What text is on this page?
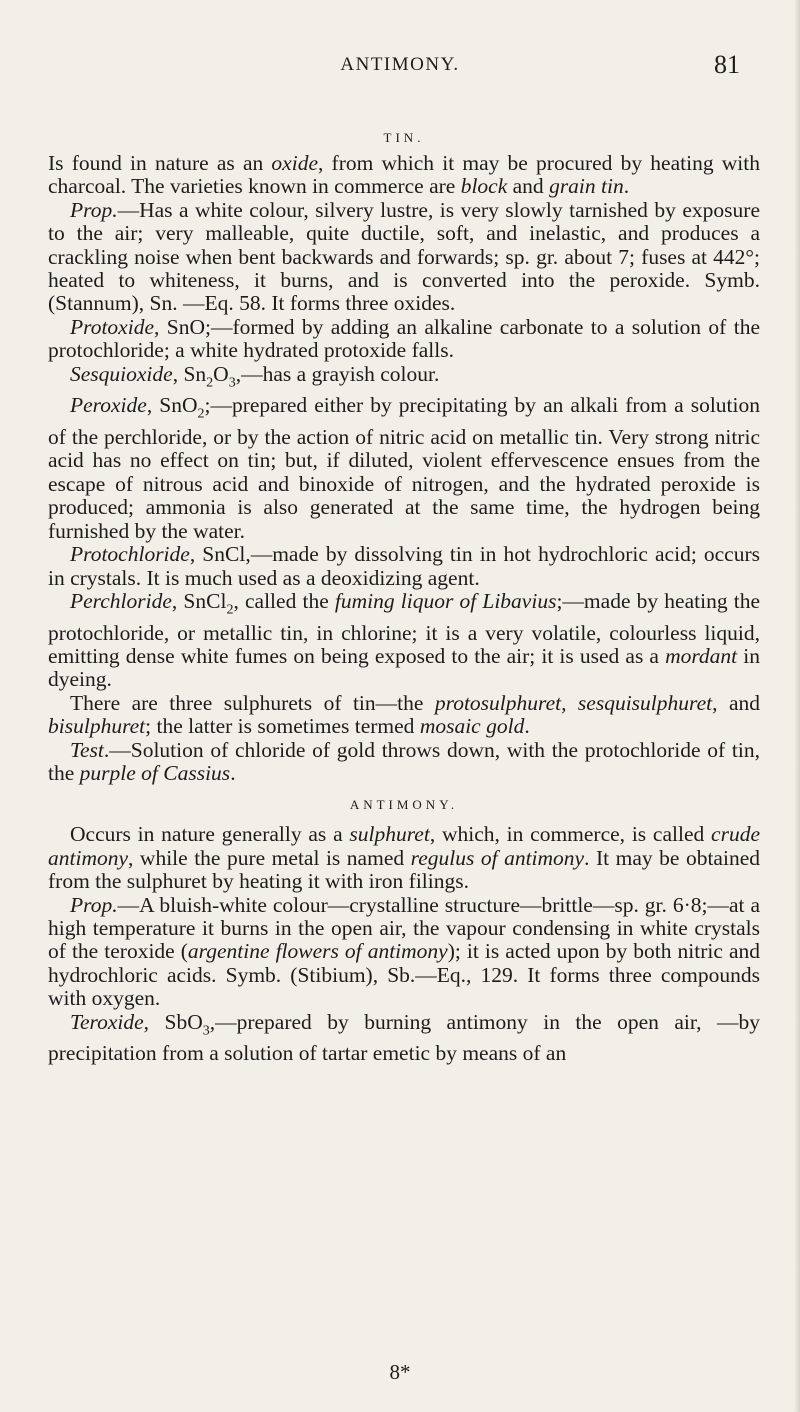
ANTIMONY.	81
TIN.

Is found in nature as an oxide, from which it may be procured by heating with charcoal. The varieties known in commerce are block and grain tin.

Prop.—Has a white colour, silvery lustre, is very slowly tarnished by exposure to the air; very malleable, quite ductile, soft, and inelastic, and produces a crackling noise when bent backwards and forwards; sp. gr. about 7; fuses at 442°; heated to whiteness, it burns, and is converted into the peroxide. Symb. (Stannum), Sn. —Eq. 58. It forms three oxides.

Protoxide, SnO;—formed by adding an alkaline carbonate to a solution of the protochloride; a white hydrated protoxide falls.

Sesquioxide, $Sn_2O_3,—has$ a grayish colour.

Peroxide, SnO$_2$;—prepared either by precipitating by an alkali from a solution of the perchloride, or by the action of nitric acid on metallic tin. Very strong nitric acid has no effect on tin; but, if diluted, violent effervescence ensues from the escape of nitrous acid and binoxide of nitrogen, and the hydrated peroxide is produced; ammonia is also generated at the same time, the hydrogen being furnished by the water.

Protochloride, SnCl,—made by dissolving tin in hot hydrochloric acid; occurs in crystals. It is much used as a deoxidizing agent.

Perchloride, SnCl$_2$, called the fuming liquor of Libavius;—made by heating the protochloride, or metallic tin, in chlorine; it is a very volatile, colourless liquid, emitting dense white fumes on being exposed to the air; it is used as a mordant in dyeing.

There are three sulphurets of tin—the protosulphuret, sesquisulphuret, and bisulphuret; the latter is sometimes termed mosaic gold.

Test.—Solution of chloride of gold throws down, with the protochloride of tin, the purple of Cassius.

ANTIMONY.

Occurs in nature generally as a sulphuret, which, in commerce, is called crude antimony, while the pure metal is named regulus of antimony. It may be obtained from the sulphuret by heating it with iron filings.

Prop.—A bluish-white colour—crystalline structure—brittle—sp. gr. 6·8;—at a high temperature it burns in the open air, the vapour condensing in white crystals of the teroxide (argentine flowers of antimony); it is acted upon by both nitric and hydrochloric acids. Symb. (Stibium), Sb.—Eq., 129. It forms three compounds with oxygen.

Teroxide, SbO$_3$,—prepared by burning antimony in the open air, —by precipitation from a solution of tartar emetic by means of an

8*
